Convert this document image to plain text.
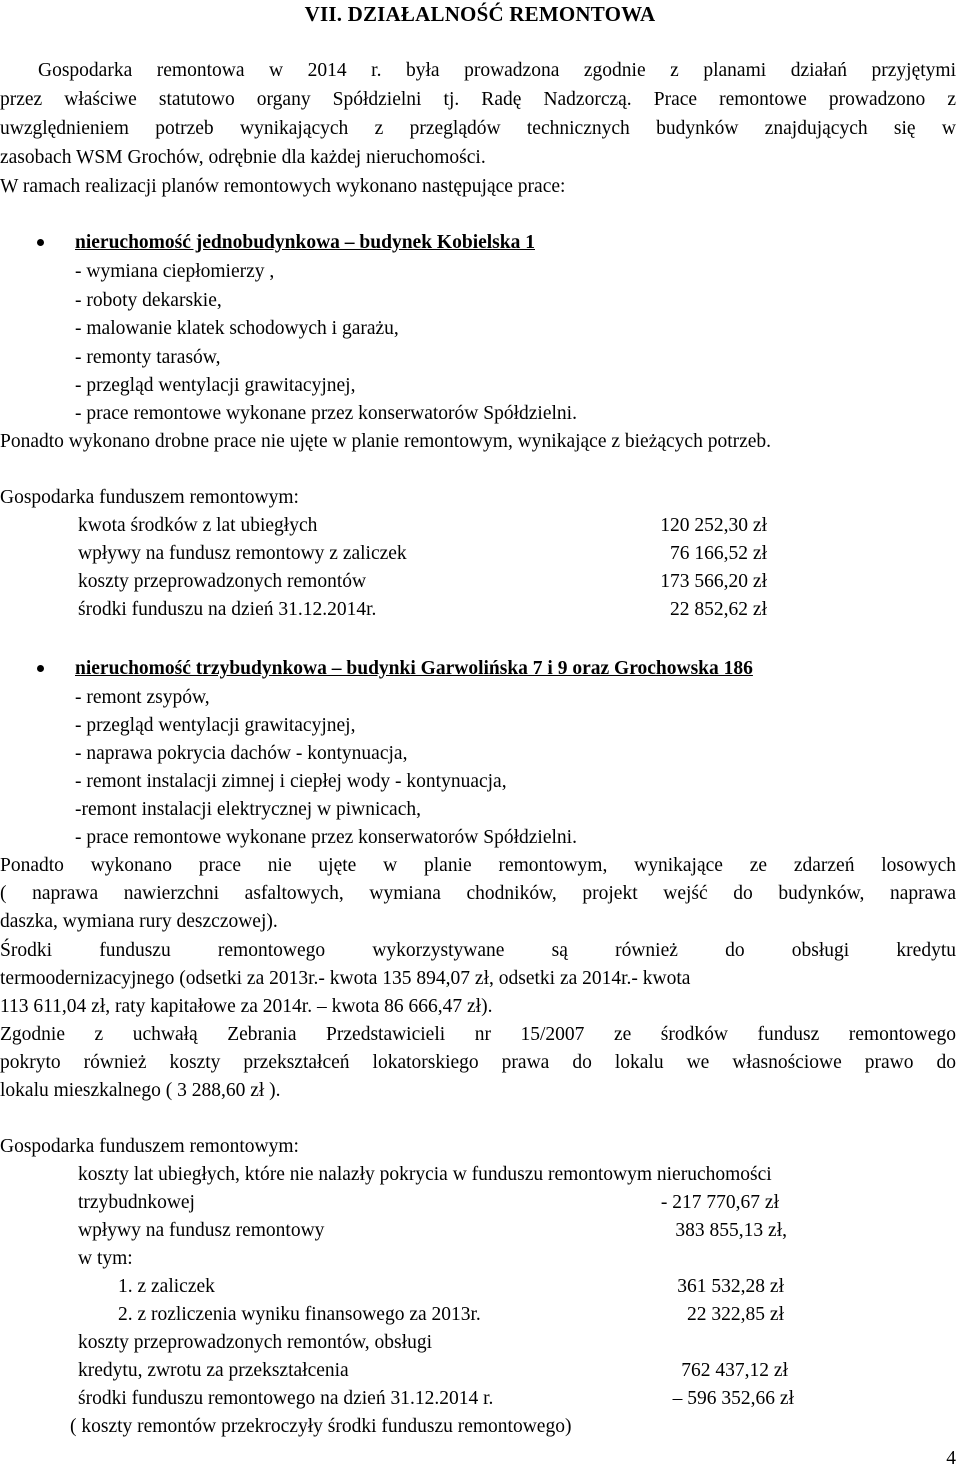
VII. DZIAŁALNOŚĆ REMONTOWA
Gospodarka remontowa w 2014 r. była prowadzona zgodnie z planami działań przyjętymi
przez właściwe statutowo organy Spółdzielni tj. Radę Nadzorczą. Prace remontowe prowadzono z
uwzględnieniem potrzeb wynikających z przeglądów technicznych budynków znajdujących się w
zasobach WSM Grochów, odrębnie dla każdej nieruchomości.
W ramach realizacji planów remontowych wykonano następujące prace:
nieruchomość jednobudynkowa – budynek Kobielska 1
- wymiana ciepłomierzy ,
- roboty dekarskie,
- malowanie klatek schodowych i garażu,
- remonty tarasów,
- przegląd wentylacji grawitacyjnej,
- prace remontowe wykonane przez konserwatorów Spółdzielni.
Ponadto wykonano drobne prace nie ujęte w planie remontowym, wynikające z bieżących potrzeb.
Gospodarka funduszem remontowym:
kwota środków z lat ubiegłych	120 252,30 zł
wpływy na fundusz remontowy z zaliczek	76 166,52 zł
koszty przeprowadzonych remontów	173 566,20 zł
środki funduszu na dzień 31.12.2014r.	22 852,62 zł
nieruchomość trzybudynkowa – budynki Garwolińska 7 i 9 oraz Grochowska 186
- remont zsypów,
- przegląd wentylacji grawitacyjnej,
- naprawa pokrycia dachów - kontynuacja,
- remont instalacji zimnej i ciepłej wody - kontynuacja,
-remont instalacji elektrycznej w piwnicach,
- prace remontowe wykonane przez konserwatorów Spółdzielni.
Ponadto wykonano prace nie ujęte w planie remontowym, wynikające ze zdarzeń losowych
( naprawa nawierzchni asfaltowych, wymiana chodników, projekt wejść do budynków, naprawa
daszka, wymiana rury deszczowej).
Środki funduszu remontowego wykorzystywane są również do obsługi kredytu
termoodernizacyjnego (odsetki za 2013r.- kwota 135 894,07 zł, odsetki za 2014r.- kwota
113 611,04 zł, raty kapitałowe za 2014r. – kwota 86 666,47 zł).
Zgodnie z uchwałą Zebrania Przedstawicieli nr 15/2007 ze środków fundusz remontowego
pokryto również koszty przekształceń lokatorskiego prawa do lokalu we własnościowe prawo do
lokalu mieszkalnego ( 3 288,60 zł ).
Gospodarka funduszem remontowym:
koszty lat ubiegłych, które nie nalazły pokrycia w funduszu remontowym nieruchomości
trzybudnkowej	- 217 770,67 zł
wpływy na fundusz remontowy	383 855,13 zł,
w tym:
1. z zaliczek	361 532,28 zł
2. z rozliczenia wyniku finansowego za 2013r.	22 322,85 zł
koszty przeprowadzonych remontów, obsługi
kredytu, zwrotu za przekształcenia	762 437,12 zł
środki funduszu remontowego na dzień 31.12.2014 r.	– 596 352,66 zł
( koszty remontów przekroczyły środki funduszu remontowego)
4
